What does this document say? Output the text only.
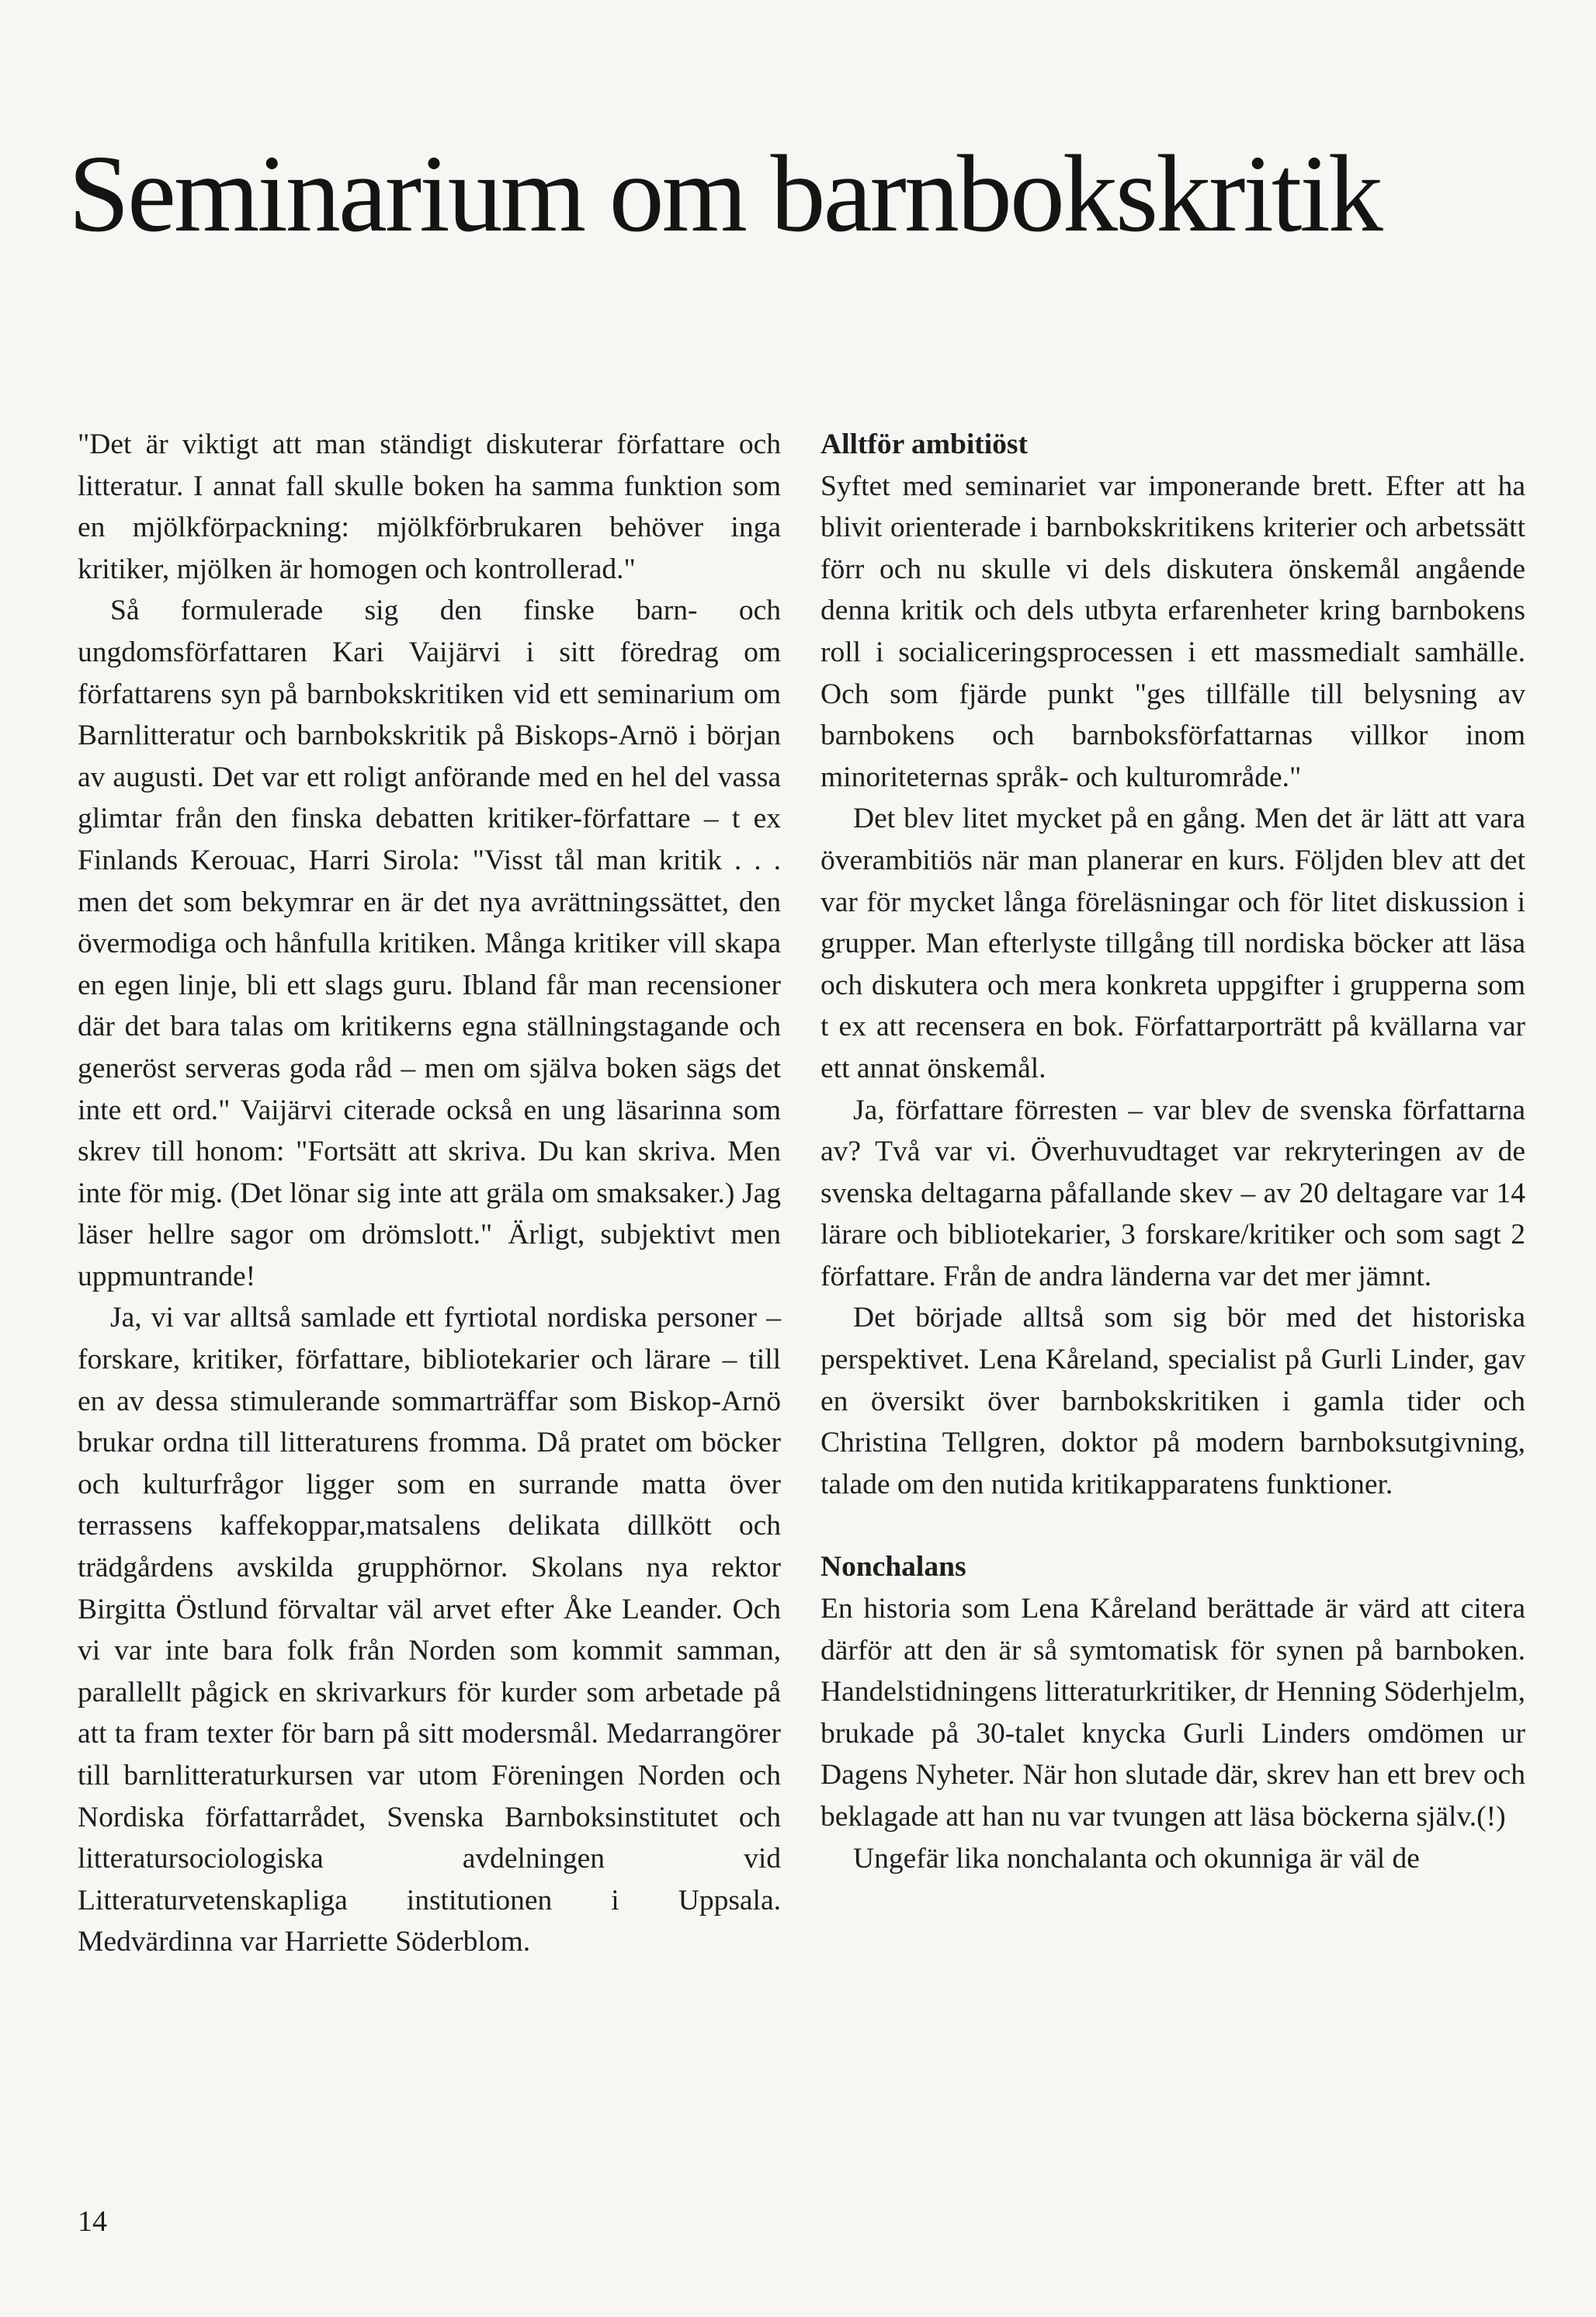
Seminarium om barnbokskritik

"Det är viktigt att man ständigt diskuterar författare och litteratur. I annat fall skulle boken ha samma funktion som en mjölkförpackning: mjölkförbrukaren behöver inga kritiker, mjölken är homogen och kontrollerad."

Så formulerade sig den finske barn- och ungdomsförfattaren Kari Vaijärvi i sitt föredrag om författarens syn på barnbokskritiken vid ett seminarium om Barnlitteratur och barnbokskritik på Biskops-Arnö i början av augusti. Det var ett roligt anförande med en hel del vassa glimtar från den finska debatten kritiker-författare – t ex Finlands Kerouac, Harri Sirola: "Visst tål man kritik . . . men det som bekymrar en är det nya avrättningssättet, den övermodiga och hånfulla kritiken. Många kritiker vill skapa en egen linje, bli ett slags guru. Ibland får man recensioner där det bara talas om kritikerns egna ställningstagande och generöst serveras goda råd – men om själva boken sägs det inte ett ord." Vaijärvi citerade också en ung läsarinna som skrev till honom: "Fortsätt att skriva. Du kan skriva. Men inte för mig. (Det lönar sig inte att gräla om smaksaker.) Jag läser hellre sagor om drömslott." Ärligt, subjektivt men uppmuntrande!

Ja, vi var alltså samlade ett fyrtiotal nordiska personer – forskare, kritiker, författare, bibliotekarier och lärare – till en av dessa stimulerande sommarträffar som Biskop-Arnö brukar ordna till litteraturens fromma. Då pratet om böcker och kulturfrågor ligger som en surrande matta över terrassens kaffekoppar,matsalens delikata dillkött och trädgårdens avskilda grupphörnor. Skolans nya rektor Birgitta Östlund förvaltar väl arvet efter Åke Leander. Och vi var inte bara folk från Norden som kommit samman, parallellt pågick en skrivarkurs för kurder som arbetade på att ta fram texter för barn på sitt modersmål. Medarrangörer till barnlitteraturkursen var utom Föreningen Norden och Nordiska författarrådet, Svenska Barnboksinstitutet och litteratursociologiska avdelningen vid Litteraturvetenskapliga institutionen i Uppsala. Medvärdinna var Harriette Söderblom.

Alltför ambitiöst

Syftet med seminariet var imponerande brett. Efter att ha blivit orienterade i barnbokskritikens kriterier och arbetssätt förr och nu skulle vi dels diskutera önskemål angående denna kritik och dels utbyta erfarenheter kring barnbokens roll i socialiceringsprocessen i ett massmedialt samhälle. Och som fjärde punkt "ges tillfälle till belysning av barnbokens och barnboksförfattarnas villkor inom minoriteternas språk- och kulturområde."

Det blev litet mycket på en gång. Men det är lätt att vara överambitiös när man planerar en kurs. Följden blev att det var för mycket långa föreläsningar och för litet diskussion i grupper. Man efterlyste tillgång till nordiska böcker att läsa och diskutera och mera konkreta uppgifter i grupperna som t ex att recensera en bok. Författarporträtt på kvällarna var ett annat önskemål.

Ja, författare förresten – var blev de svenska författarna av? Två var vi. Överhuvudtaget var rekryteringen av de svenska deltagarna påfallande skev – av 20 deltagare var 14 lärare och bibliotekarier, 3 forskare/kritiker och som sagt 2 författare. Från de andra länderna var det mer jämnt.

Det började alltså som sig bör med det historiska perspektivet. Lena Kåreland, specialist på Gurli Linder, gav en översikt över barnbokskritiken i gamla tider och Christina Tellgren, doktor på modern barnboksutgivning, talade om den nutida kritikapparatens funktioner.

Nonchalans

En historia som Lena Kåreland berättade är värd att citera därför att den är så symtomatisk för synen på barnboken. Handelstidningens litteraturkritiker, dr Henning Söderhjelm, brukade på 30-talet knycka Gurli Linders omdömen ur Dagens Nyheter. När hon slutade där, skrev han ett brev och beklagade att han nu var tvungen att läsa böckerna själv.(!)

Ungefär lika nonchalanta och okunniga är väl de

14
